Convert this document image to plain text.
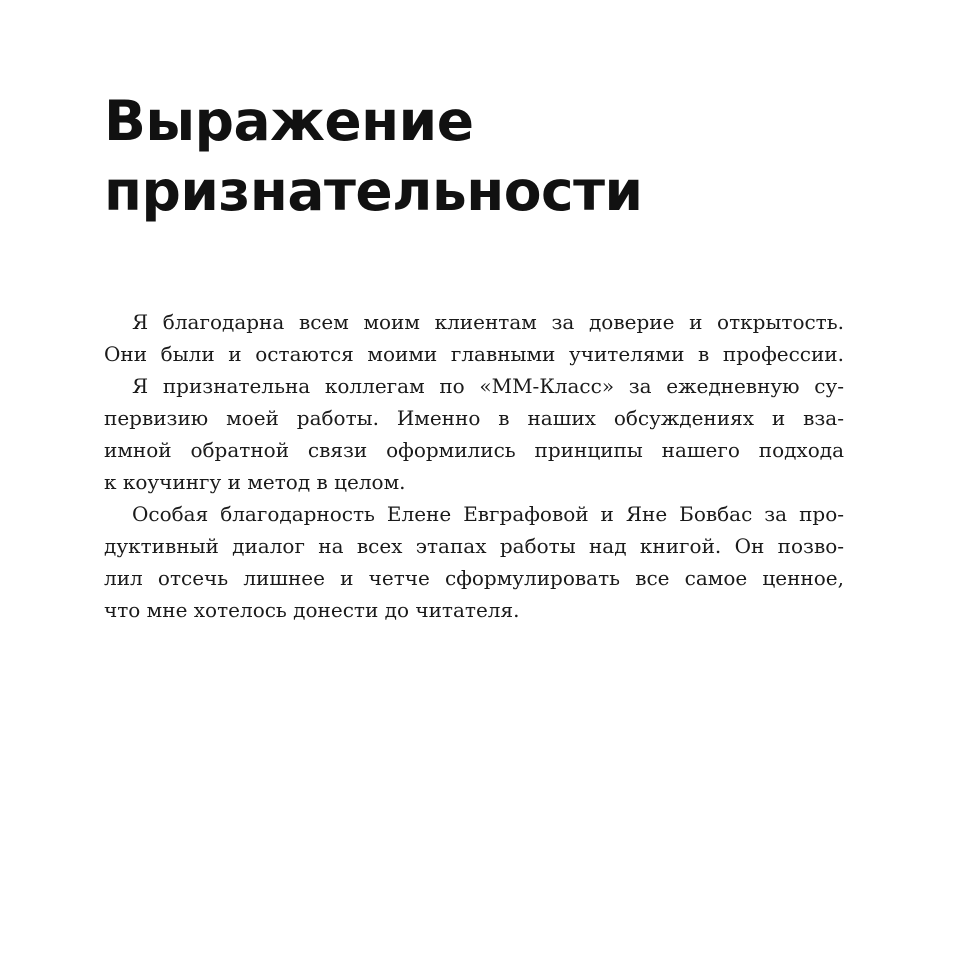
Выражение
признательности
Я благодарна всем моим клиентам за доверие и открытость.
Они были и остаются моими главными учителями в профессии.
Я признательна коллегам по «ММ-Класс» за ежедневную су-
первизию моей работы. Именно в наших обсуждениях и вза-
имной обратной связи оформились принципы нашего подхода
к коучингу и метод в целом.
Особая благодарность Елене Евграфовой и Яне Бовбас за про-
дуктивный диалог на всех этапах работы над книгой. Он позво-
лил отсечь лишнее и четче сформулировать все самое ценное,
что мне хотелось донести до читателя.
